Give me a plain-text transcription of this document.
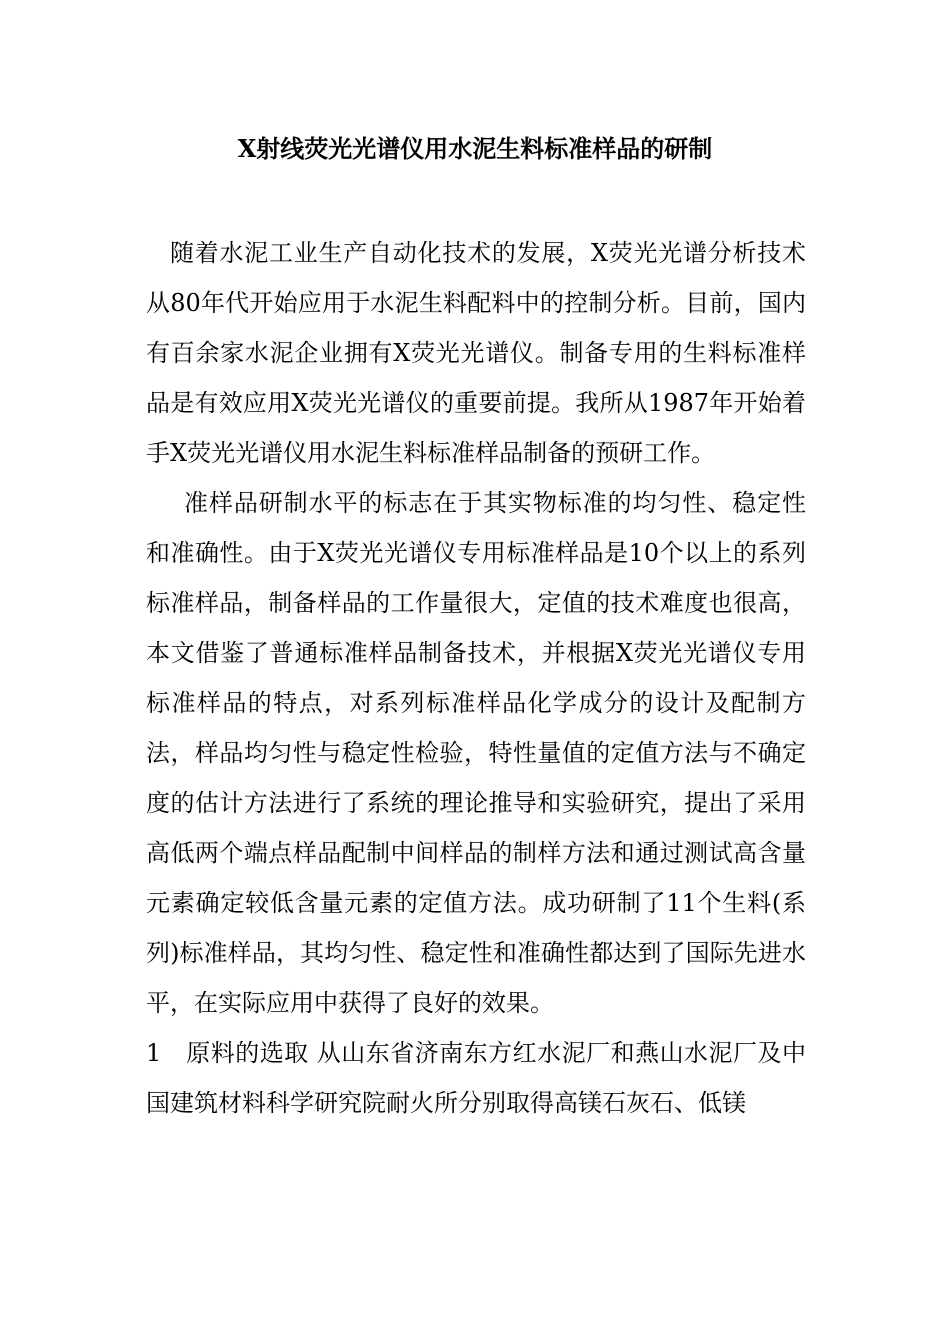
X射线荧光光谱仪用水泥生料标准样品的研制

随着水泥工业生产自动化技术的发展，X荧光光谱分析技术从80年代开始应用于水泥生料配料中的控制分析。目前，国内有百余家水泥企业拥有X荧光光谱仪。制备专用的生料标准样品是有效应用X荧光光谱仪的重要前提。我所从1987年开始着手X荧光光谱仪用水泥生料标准样品制备的预研工作。

准样品研制水平的标志在于其实物标准的均匀性、稳定性和准确性。由于X荧光光谱仪专用标准样品是10个以上的系列标准样品，制备样品的工作量很大，定值的技术难度也很高，本文借鉴了普通标准样品制备技术，并根据X荧光光谱仪专用标准样品的特点，对系列标准样品化学成分的设计及配制方法，样品均匀性与稳定性检验，特性量值的定值方法与不确定度的估计方法进行了系统的理论推导和实验研究，提出了采用高低两个端点样品配制中间样品的制样方法和通过测试高含量元素确定较低含量元素的定值方法。成功研制了11个生料(系列)标准样品，其均匀性、稳定性和准确性都达到了国际先进水平，在实际应用中获得了良好的效果。

1　原料的选取 从山东省济南东方红水泥厂和燕山水泥厂及中国建筑材料科学研究院耐火所分别取得高镁石灰石、低镁
